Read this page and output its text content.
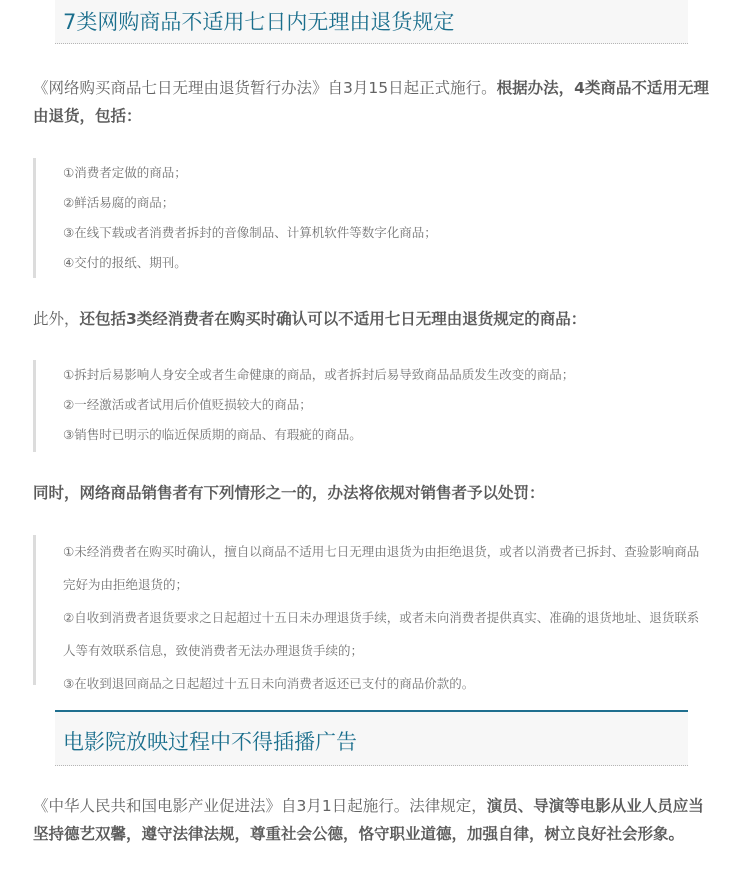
7类网购商品不适用七日内无理由退货规定
《网络购买商品七日无理由退货暂行办法》自3月15日起正式施行。根据办法，4类商品不适用无理由退货，包括：
①消费者定做的商品；
②鲜活易腐的商品；
③在线下载或者消费者拆封的音像制品、计算机软件等数字化商品；
④交付的报纸、期刊。
此外，还包括3类经消费者在购买时确认可以不适用七日无理由退货规定的商品：
①拆封后易影响人身安全或者生命健康的商品，或者拆封后易导致商品品质发生改变的商品；
②一经激活或者试用后价值贬损较大的商品；
③销售时已明示的临近保质期的商品、有瑕疵的商品。
同时，网络商品销售者有下列情形之一的，办法将依规对销售者予以处罚：
①未经消费者在购买时确认，擅自以商品不适用七日无理由退货为由拒绝退货，或者以消费者已拆封、查验影响商品完好为由拒绝退货的；
②自收到消费者退货要求之日起超过十五日未办理退货手续，或者未向消费者提供真实、准确的退货地址、退货联系人等有效联系信息，致使消费者无法办理退货手续的；
③在收到退回商品之日起超过十五日未向消费者返还已支付的商品价款的。
电影院放映过程中不得插播广告
《中华人民共和国电影产业促进法》自3月1日起施行。法律规定，演员、导演等电影从业人员应当坚持德艺双馨，遵守法律法规，尊重社会公德，恪守职业道德，加强自律，树立良好社会形象。
